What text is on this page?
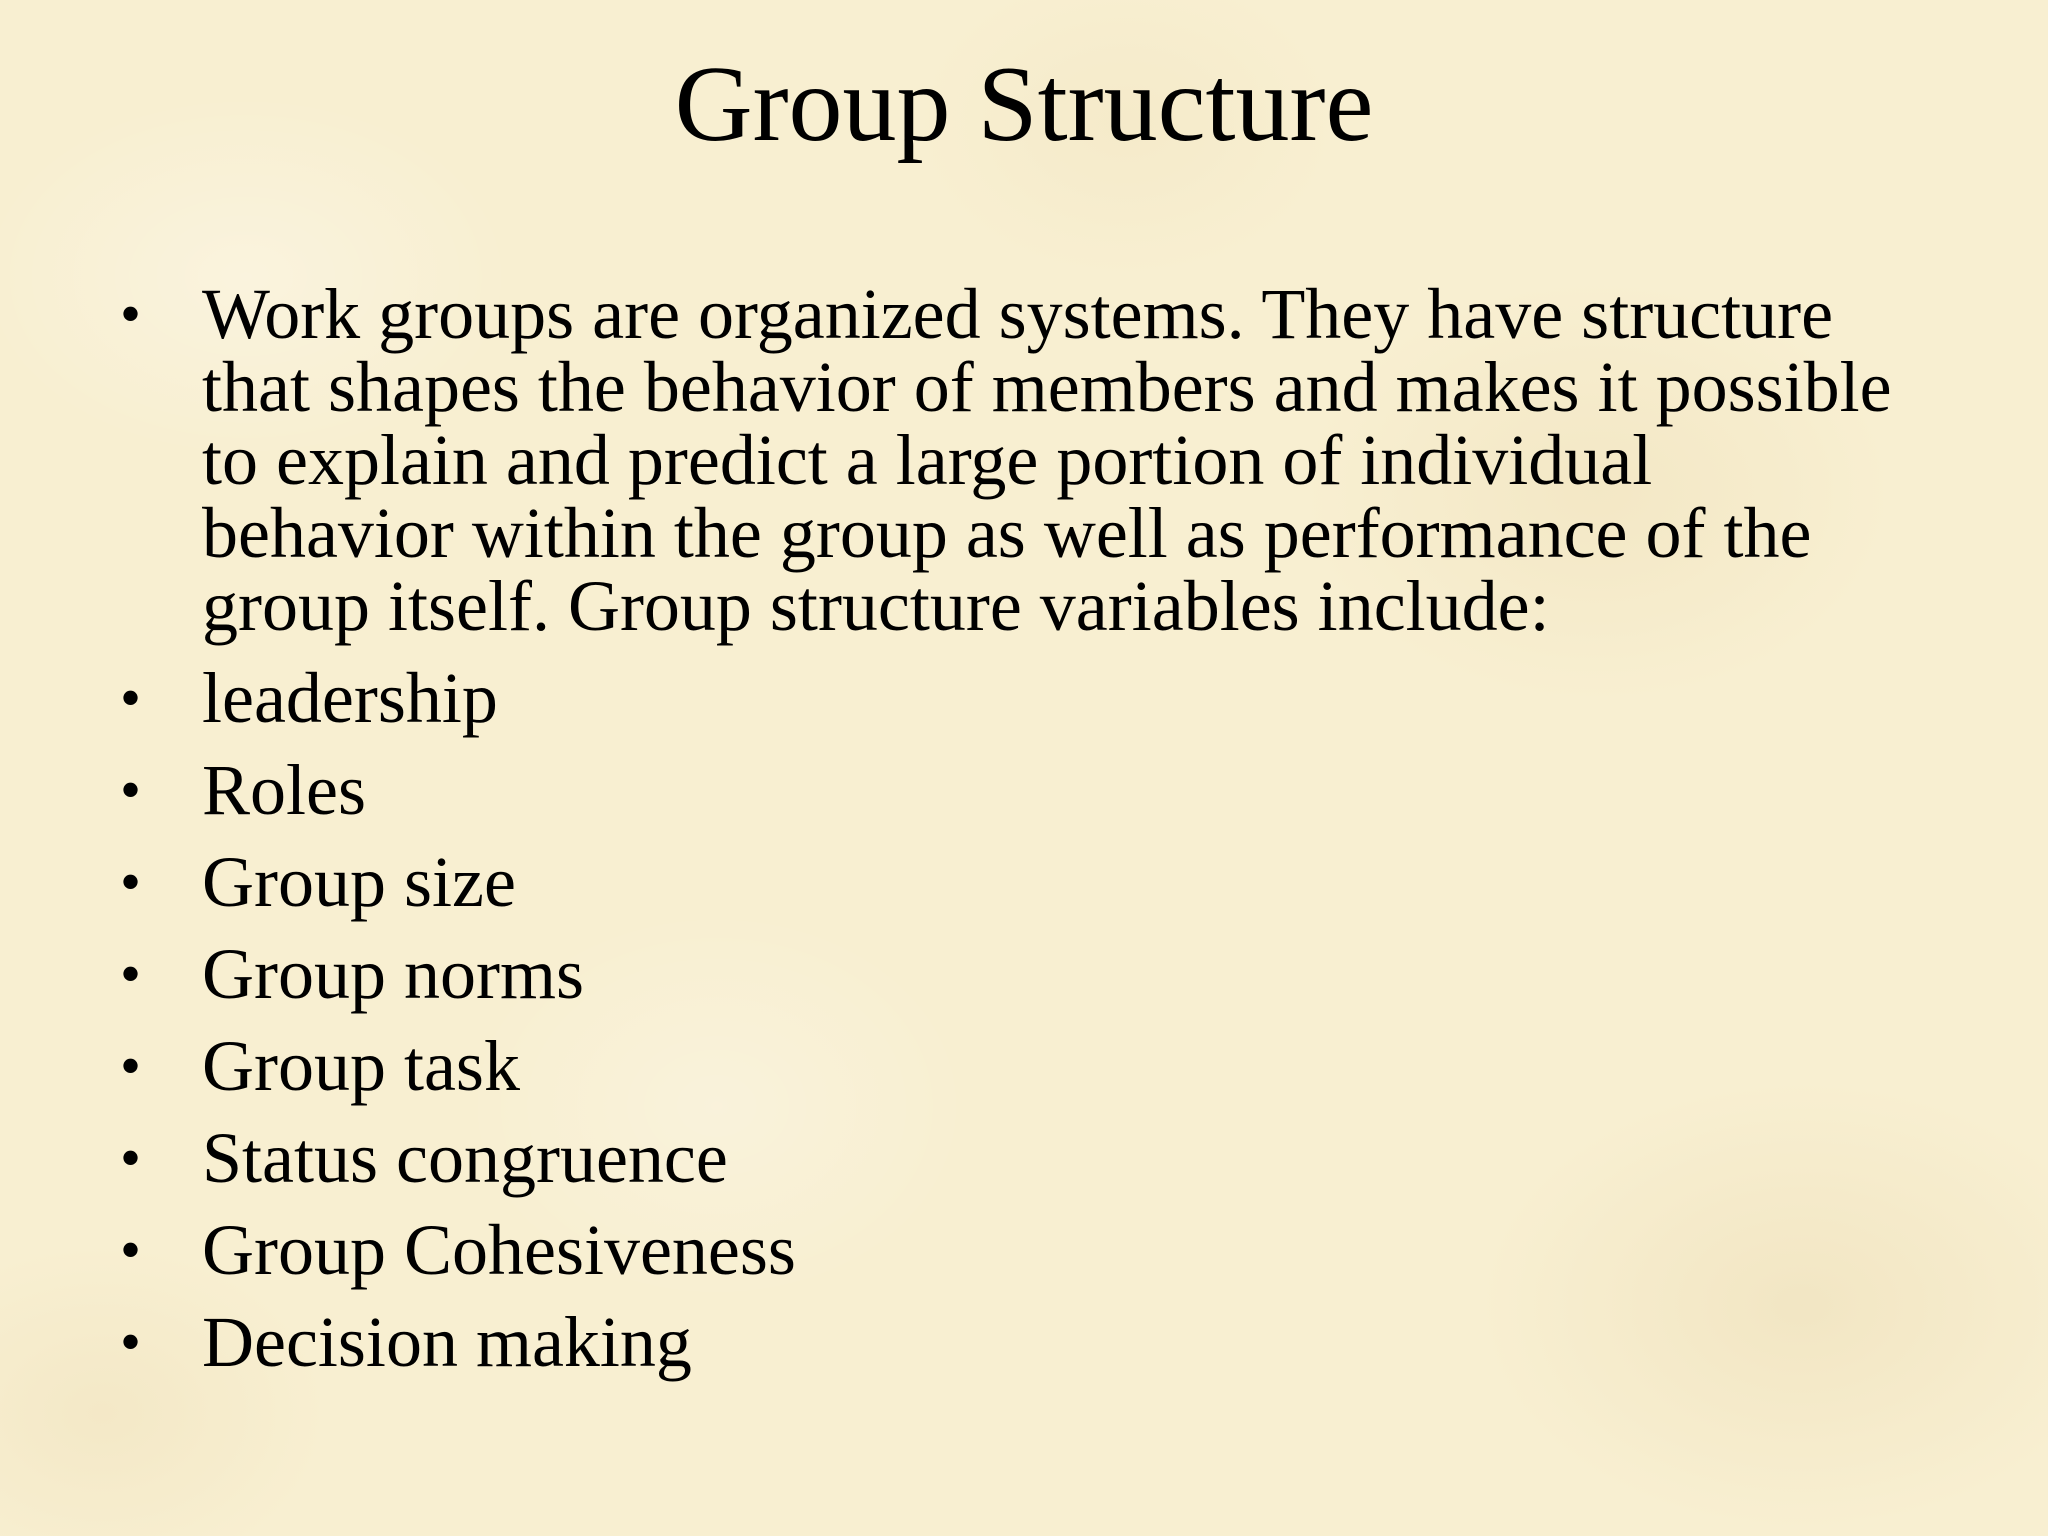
Group Structure
• Work groups are organized systems. They have structure that shapes the behavior of members and makes it possible to explain and predict a large portion of individual behavior within the group as well as performance of the group itself. Group structure variables include:
• leadership
• Roles
• Group size
• Group norms
• Group task
• Status congruence
• Group Cohesiveness
• Decision making
